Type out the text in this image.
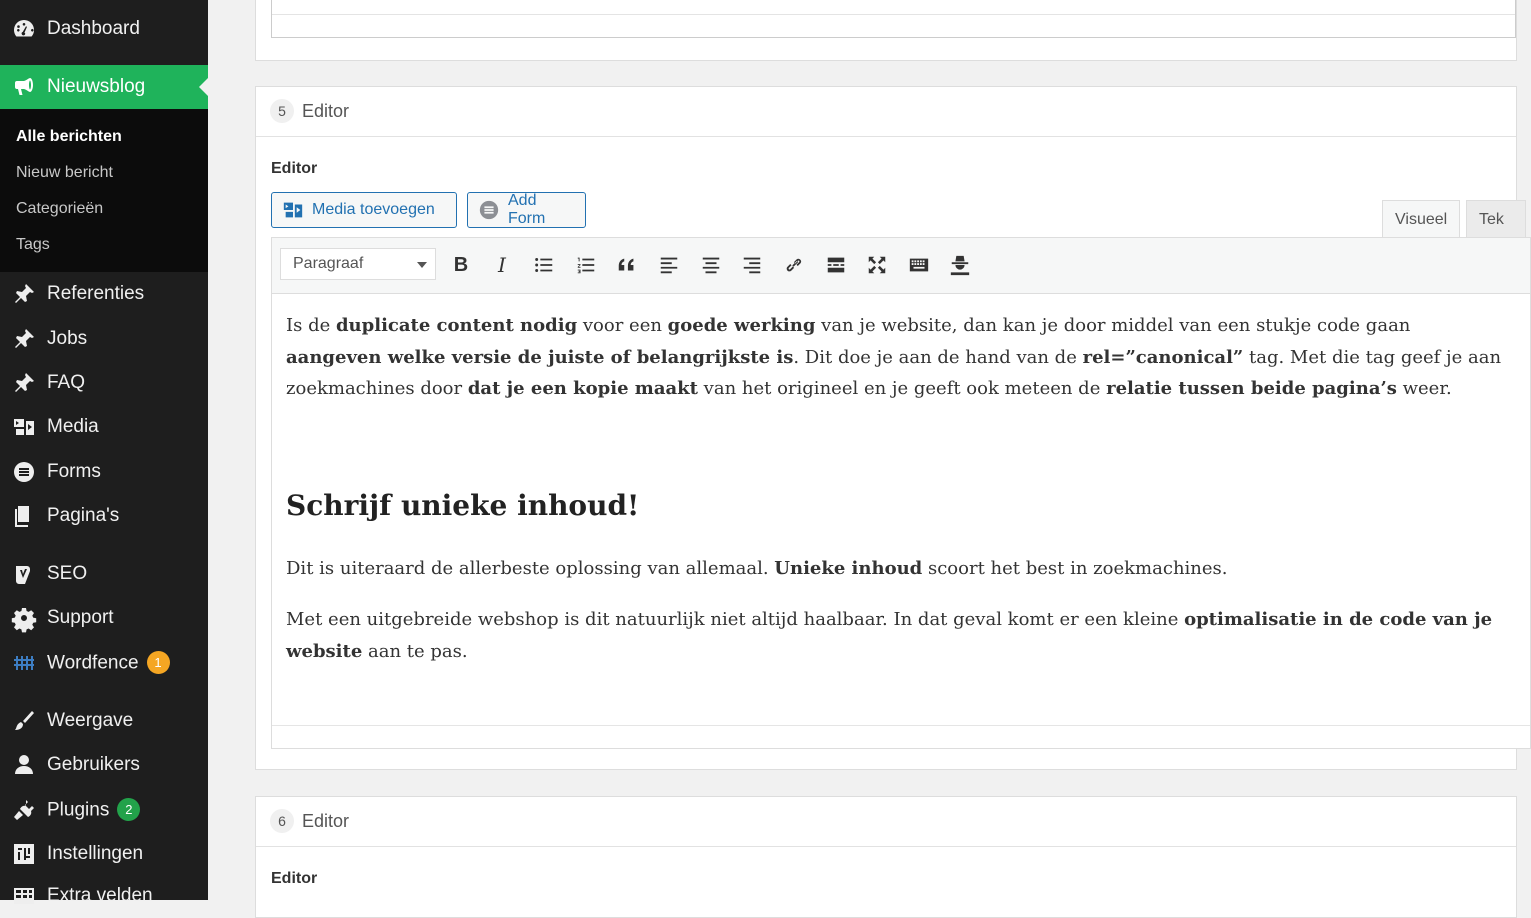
Dashboard
Nieuwsblog
Alle berichten
Nieuw bericht
Categorieën
Tags
Referenties
Jobs
FAQ
Media
Forms
Pagina's
SEO
Support
Wordfence 1
Weergave
Gebruikers
Plugins 2
Instellingen
Extra velden
5 Editor
Editor
Media toevoegen
Add Form	Visueel	Tek
Paragraaf	B I

Is de duplicate content nodig voor een goede werking van je website, dan kan je door middel van een stukje code gaan aangeven welke versie de juiste of belangrijkste is. Dit doe je aan de hand van de rel=”canonical” tag. Met die tag geef je aan zoekmachines door dat je een kopie maakt van het origineel en je geeft ook meteen de relatie tussen beide pagina’s weer.

Schrijf unieke inhoud!

Dit is uiteraard de allerbeste oplossing van allemaal. Unieke inhoud scoort het best in zoekmachines.

Met een uitgebreide webshop is dit natuurlijk niet altijd haalbaar. In dat geval komt er een kleine optimalisatie in de code van je website aan te pas.

6 Editor
Editor
